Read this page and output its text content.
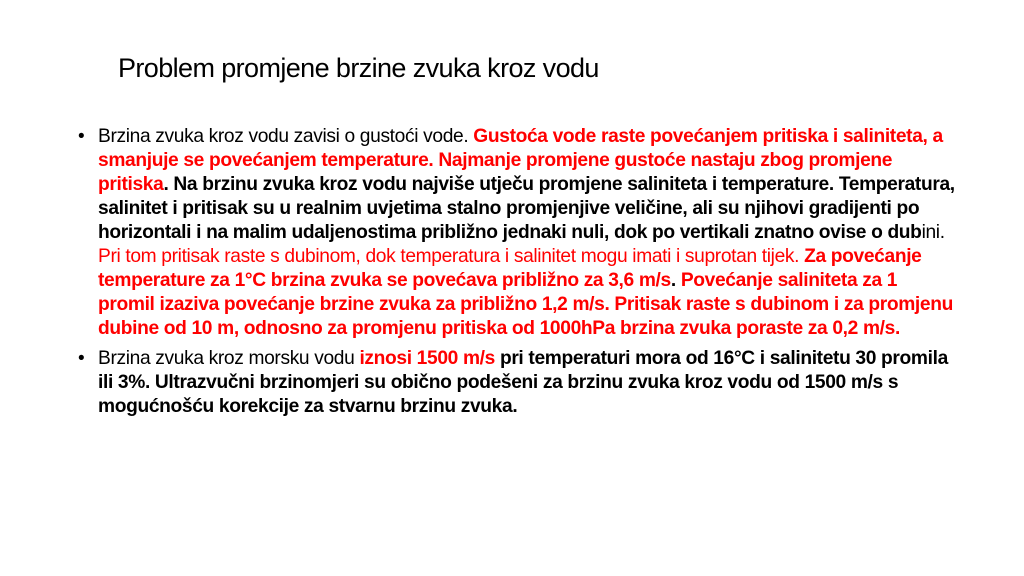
Problem promjene brzine zvuka kroz vodu
• Brzina zvuka kroz vodu zavisi o gustoći vode. Gustoća vode raste povećanjem pritiska i saliniteta, a smanjuje se povećanjem temperature. Najmanje promjene gustoće nastaju zbog promjene pritiska. Na brzinu zvuka kroz vodu najviše utječu promjene saliniteta i temperature. Temperatura, salinitet i pritisak su u realnim uvjetima stalno promjenjive veličine, ali su njihovi gradijenti po horizontali i na malim udaljenostima približno jednaki nuli, dok po vertikali znatno ovise o dubini. Pri tom pritisak raste s dubinom, dok temperatura i salinitet mogu imati i suprotan tijek. Za povećanje temperature za 1°C brzina zvuka se povećava približno za 3,6 m/s. Povećanje saliniteta za 1 promil izaziva povećanje brzine zvuka za približno 1,2 m/s. Pritisak raste s dubinom i za promjenu dubine od 10 m, odnosno za promjenu pritiska od 1000hPa brzina zvuka poraste za 0,2 m/s.
• Brzina zvuka kroz morsku vodu iznosi 1500 m/s pri temperaturi mora od 16°C i salinitetu 30 promila ili 3%. Ultrazvučni brzinomjeri su obično podešeni za brzinu zvuka kroz vodu od 1500 m/s s mogućnošću korekcije za stvarnu brzinu zvuka.
